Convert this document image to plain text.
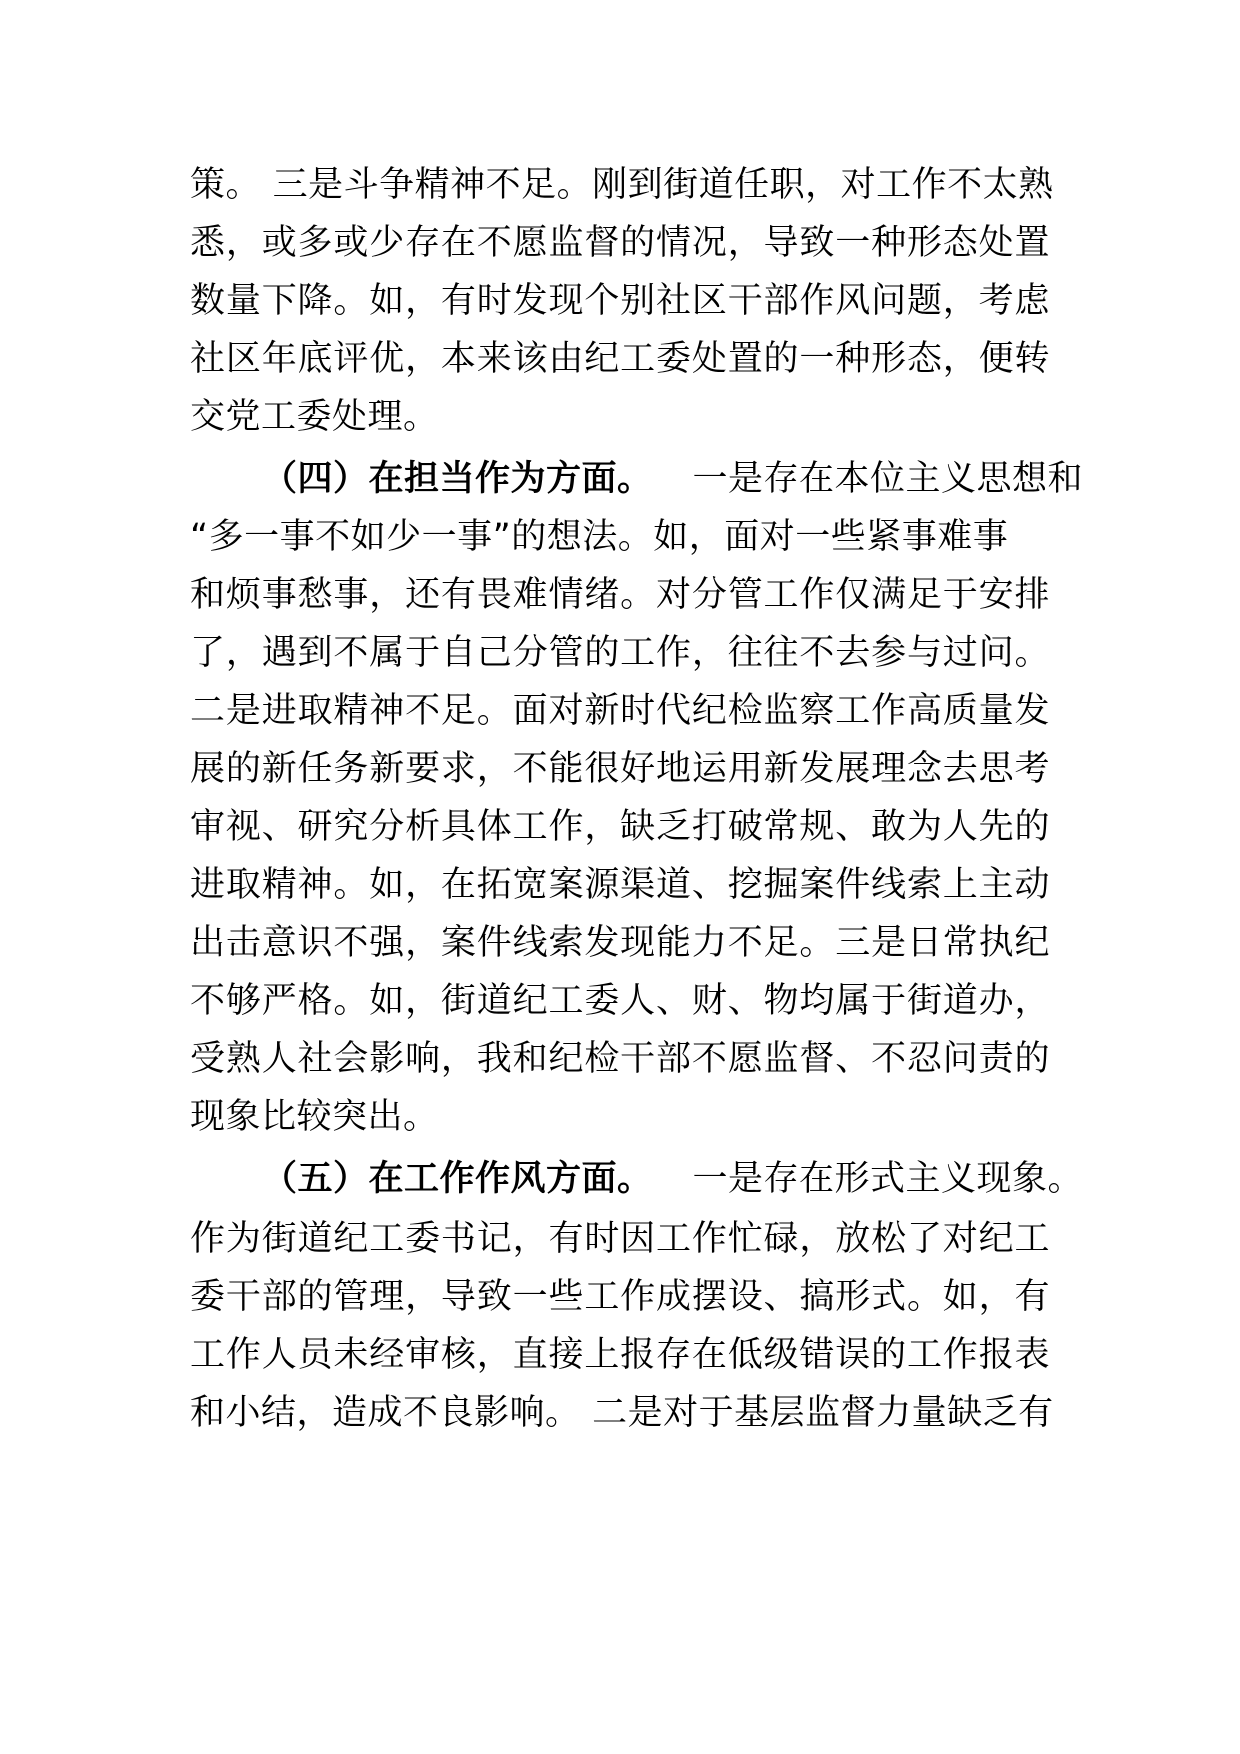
策。 三是斗争精神不足。刚到街道任职，对工作不太熟
悉，或多或少存在不愿监督的情况，导致一种形态处置
数量下降。如，有时发现个别社区干部作风问题，考虑
社区年底评优，本来该由纪工委处置的一种形态，便转
交党工委处理。
（四）在担当作为方面。 一是存在本位主义思想和
“多一事不如少一事”的想法。如，面对一些紧事难事
和烦事愁事，还有畏难情绪。对分管工作仅满足于安排
了，遇到不属于自己分管的工作，往往不去参与过问。
二是进取精神不足。面对新时代纪检监察工作高质量发
展的新任务新要求，不能很好地运用新发展理念去思考
审视、研究分析具体工作，缺乏打破常规、敢为人先的
进取精神。如，在拓宽案源渠道、挖掘案件线索上主动
出击意识不强，案件线索发现能力不足。三是日常执纪
不够严格。如，街道纪工委人、财、物均属于街道办，
受熟人社会影响，我和纪检干部不愿监督、不忍问责的
现象比较突出。
（五）在工作作风方面。 一是存在形式主义现象。
作为街道纪工委书记，有时因工作忙碌，放松了对纪工
委干部的管理，导致一些工作成摆设、搞形式。如，有
工作人员未经审核，直接上报存在低级错误的工作报表
和小结，造成不良影响。 二是对于基层监督力量缺乏有
